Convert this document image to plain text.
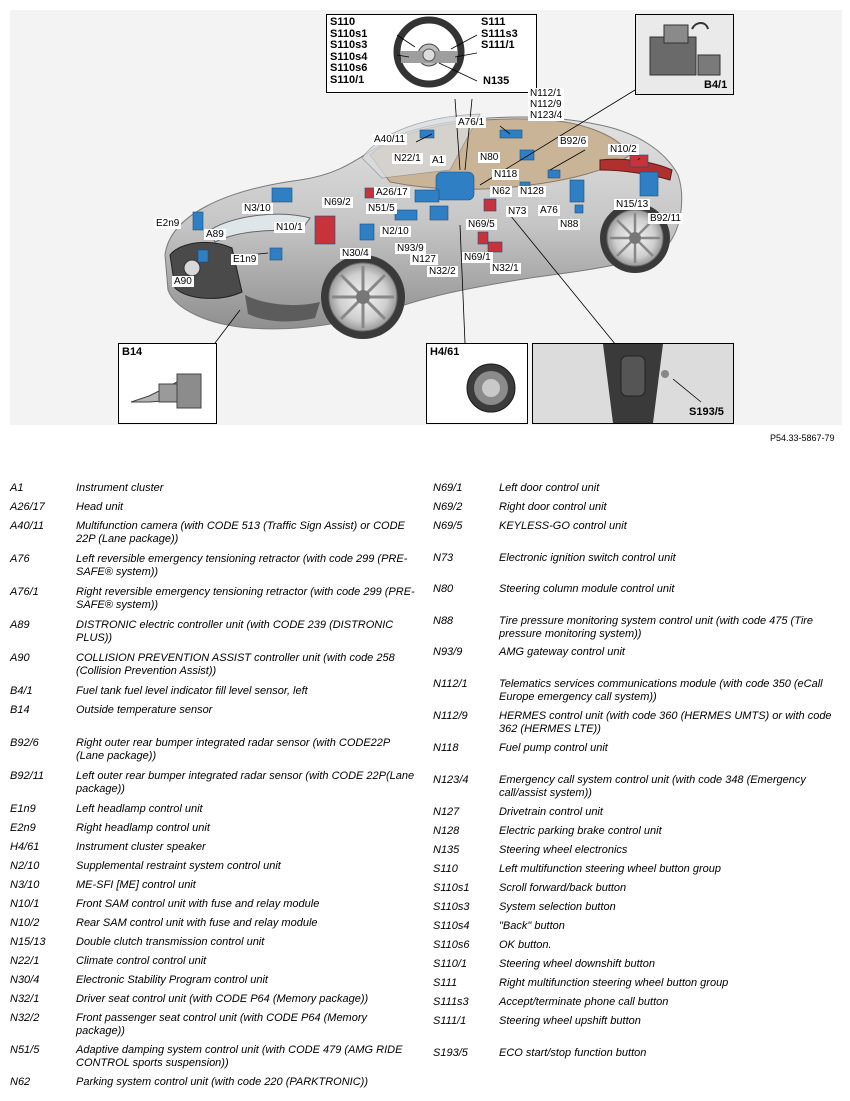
S110
S110s1
S110s3
S110s4
S110s6
S110/1
S111
S111s3
S111/1
N135	B4/1
B14	H4/61
S193/5
N112/1
N112/9
N123/4
A76/1
A40/11	B92/6
N10/2
N22/1 A1	N80
N118
N62 N128
N69/2
A26/17
N3/10	N51/5	N73 A76
N15/13
E2n9
N2/10
N69/5	N88
B92/11
N10/1
A89
N30/4	N93/9
N127
E1n9	N69/1
N32/2	N32/1
A90
P54.33-5867-79
A1	Instrument cluster
A26/17	Head unit
A40/11	Multifunction camera (with CODE 513 (Traffic Sign Assist) or CODE 22P (Lane package))
A76	Left reversible emergency tensioning retractor (with code 299 (PRE-SAFE® system))
A76/1	Right reversible emergency tensioning retractor (with code 299 (PRE-SAFE® system))
A89	DISTRONIC electric controller unit (with CODE 239 (DISTRONIC PLUS))
A90	COLLISION PREVENTION ASSIST controller unit (with code 258 (Collision Prevention Assist))
B4/1	Fuel tank fuel level indicator fill level sensor, left
B14	Outside temperature sensor
B92/6	Right outer rear bumper integrated radar sensor (with CODE22P (Lane package))
B92/11	Left outer rear bumper integrated radar sensor (with CODE 22P(Lane package))
E1n9	Left headlamp control unit
E2n9	Right headlamp control unit
H4/61	Instrument cluster speaker
N2/10	Supplemental restraint system control unit
N3/10	ME-SFI [ME] control unit
N10/1	Front SAM control unit with fuse and relay module
N10/2	Rear SAM control unit with fuse and relay module
N15/13	Double clutch transmission control unit
N22/1	Climate control control unit
N30/4	Electronic Stability Program control unit
N32/1	Driver seat control unit (with CODE P64 (Memory package))
N32/2	Front passenger seat control unit (with CODE P64 (Memory package))
N51/5	Adaptive damping system control unit (with CODE 479 (AMG RIDE CONTROL sports suspension))
N62	Parking system control unit (with code 220 (PARKTRONIC))
N69/1	Left door control unit
N69/2	Right door control unit
N69/5	KEYLESS-GO control unit
N73	Electronic ignition switch control unit
N80	Steering column module control unit
N88	Tire pressure monitoring system control unit (with code 475 (Tire pressure monitoring system))
N93/9	AMG gateway control unit
N112/1	Telematics services communications module (with code 350 (eCall Europe emergency call system))
N112/9	HERMES control unit (with code 360 (HERMES UMTS) or with code 362 (HERMES LTE))
N118	Fuel pump control unit
N123/4	Emergency call system control unit (with code 348 (Emergency call/assist system))
N127	Drivetrain control unit
N128	Electric parking brake control unit
N135	Steering wheel electronics
S110	Left multifunction steering wheel button group
S110s1	Scroll forward/back button
S110s3	System selection button
S110s4	"Back" button
S110s6	OK button.
S110/1	Steering wheel downshift button
S111	Right multifunction steering wheel button group
S111s3	Accept/terminate phone call button
S111/1	Steering wheel upshift button
S193/5	ECO start/stop function button
